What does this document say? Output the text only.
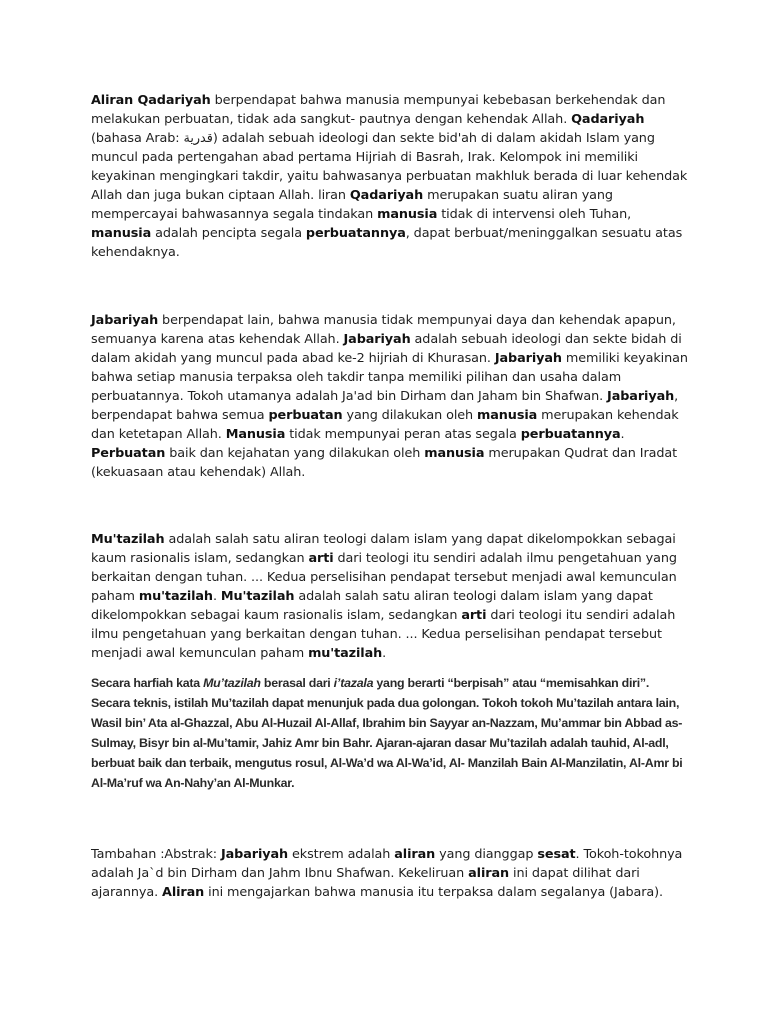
Aliran Qadariyah berpendapat bahwa manusia mempunyai kebebasan berkehendak dan melakukan perbuatan, tidak ada sangkut- pautnya dengan kehendak Allah. Qadariyah (bahasa Arab: قدرية) adalah sebuah ideologi dan sekte bid'ah di dalam akidah Islam yang muncul pada pertengahan abad pertama Hijriah di Basrah, Irak. Kelompok ini memiliki keyakinan mengingkari takdir, yaitu bahwasanya perbuatan makhluk berada di luar kehendak Allah dan juga bukan ciptaan Allah. liran Qadariyah merupakan suatu aliran yang mempercayai bahwasannya segala tindakan manusia tidak di intervensi oleh Tuhan, manusia adalah pencipta segala perbuatannya, dapat berbuat/meninggalkan sesuatu atas kehendaknya.

Jabariyah berpendapat lain, bahwa manusia tidak mempunyai daya dan kehendak apapun, semuanya karena atas kehendak Allah. Jabariyah adalah sebuah ideologi dan sekte bidah di dalam akidah yang muncul pada abad ke-2 hijriah di Khurasan. Jabariyah memiliki keyakinan bahwa setiap manusia terpaksa oleh takdir tanpa memiliki pilihan dan usaha dalam perbuatannya. Tokoh utamanya adalah Ja'ad bin Dirham dan Jaham bin Shafwan. Jabariyah, berpendapat bahwa semua perbuatan yang dilakukan oleh manusia merupakan kehendak dan ketetapan Allah. Manusia tidak mempunyai peran atas segala perbuatannya. Perbuatan baik dan kejahatan yang dilakukan oleh manusia merupakan Qudrat dan Iradat (kekuasaan atau kehendak) Allah.

Mu'tazilah adalah salah satu aliran teologi dalam islam yang dapat dikelompokkan sebagai kaum rasionalis islam, sedangkan arti dari teologi itu sendiri adalah ilmu pengetahuan yang berkaitan dengan tuhan. ... Kedua perselisihan pendapat tersebut menjadi awal kemunculan paham mu'tazilah. Mu'tazilah adalah salah satu aliran teologi dalam islam yang dapat dikelompokkan sebagai kaum rasionalis islam, sedangkan arti dari teologi itu sendiri adalah ilmu pengetahuan yang berkaitan dengan tuhan. ... Kedua perselisihan pendapat tersebut menjadi awal kemunculan paham mu'tazilah.

Secara harfiah kata Mu’tazilah berasal dari i’tazala yang berarti “berpisah” atau “memisahkan diri”. Secara teknis, istilah Mu’tazilah dapat menunjuk pada dua golongan. Tokoh tokoh Mu’tazilah antara lain, Wasil bin’ Ata al-Ghazzal, Abu Al-Huzail Al-Allaf, Ibrahim bin Sayyar an-Nazzam, Mu’ammar bin Abbad as-Sulmay, Bisyr bin al-Mu’tamir, Jahiz Amr bin Bahr. Ajaran-ajaran dasar Mu’tazilah adalah tauhid, Al-adl, berbuat baik dan terbaik, mengutus rosul, Al-Wa’d wa Al-Wa’id, Al- Manzilah Bain Al-Manzilatin, Al-Amr bi Al-Ma’ruf wa An-Nahy’an Al-Munkar.

Tambahan :Abstrak: Jabariyah ekstrem adalah aliran yang dianggap sesat. Tokoh-tokohnya adalah Ja`d bin Dirham dan Jahm Ibnu Shafwan. Kekeliruan aliran ini dapat dilihat dari ajarannya. Aliran ini mengajarkan bahwa manusia itu terpaksa dalam segalanya (Jabara).
